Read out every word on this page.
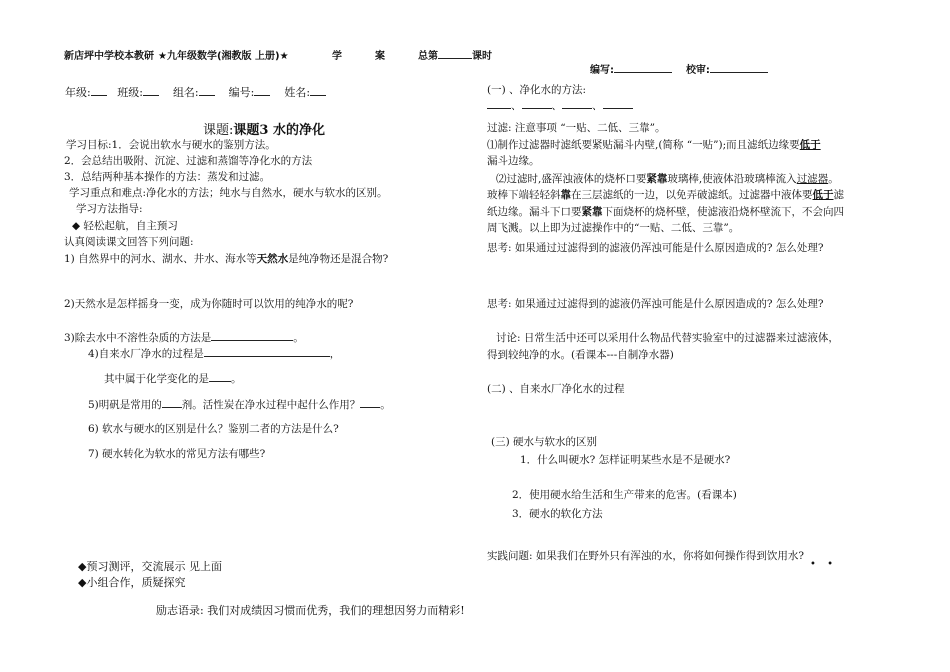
新店坪中学校本教研 ★九年级数学(湘教版 上册)★	学	案	总第	课时
编写:	校审:
年级: 班级:	组名:	编号:	姓名:
课题:课题3 水的净化
学习目标:1．会说出软水与硬水的鉴别方法。
2．会总结出吸附、沉淀、过滤和蒸馏等净化水的方法
3．总结两种基本操作的方法：蒸发和过滤。
学习重点和难点:净化水的方法；纯水与自然水，硬水与软水的区别。
学习方法指导:
◆ 轻松起航，自主预习
认真阅读课文回答下列问题:
1) 自然界中的河水、湖水、井水、海水等天然水是纯净物还是混合物?
2)天然水是怎样摇身一变，成为你随时可以饮用的纯净水的呢?
3)除去水中不溶性杂质的方法是	。
4)自来水厂净水的过程是	，
其中属于化学变化的是 。
5)明矾是常用的 剂。活性炭在净水过程中起什么作用？ 。
6) 软水与硬水的区别是什么？鉴别二者的方法是什么?
7) 硬水转化为软水的常见方法有哪些?
◆预习测评，交流展示 见上面
◆小组合作，质疑探究
(一) 、净化水的方法:
、	、	、
过滤: 注意事项 “一贴、二低、三靠”。
⑴制作过滤器时滤纸要紧贴漏斗内壁,(简称 “一贴”);而且滤纸边缘要低于
漏斗边缘。
⑵过滤时,盛浑浊液体的烧杯口要紧靠玻璃棒,使液体沿玻璃棒流入过滤器。
玻棒下端轻轻斜靠在三层滤纸的一边，以免弄破滤纸。过滤器中液体要低于滤
纸边缘。漏斗下口要紧靠下面烧杯的烧杯壁，使滤液沿烧杯壁流下，不会向四
周飞溅。以上即为过滤操作中的“一贴、二低、三靠”。
思考: 如果通过过滤得到的滤液仍浑浊可能是什么原因造成的? 怎么处理?
思考: 如果通过过滤得到的滤液仍浑浊可能是什么原因造成的? 怎么处理?
讨论: 日常生活中还可以采用什么物品代替实验室中的过滤器来过滤液体，
得到较纯净的水。(看课本---自制净水器)
(二) 、自来水厂净化水的过程
(三) 硬水与软水的区别
1．什么叫硬水? 怎样证明某些水是不是硬水?
2．使用硬水给生活和生产带来的危害。(看课本)
3．硬水的软化方法
实践问题: 如果我们在野外只有浑浊的水，你将如何操作得到饮用水?
• •
励志语录: 我们对成绩因习惯而优秀，我们的理想因努力而精彩!
